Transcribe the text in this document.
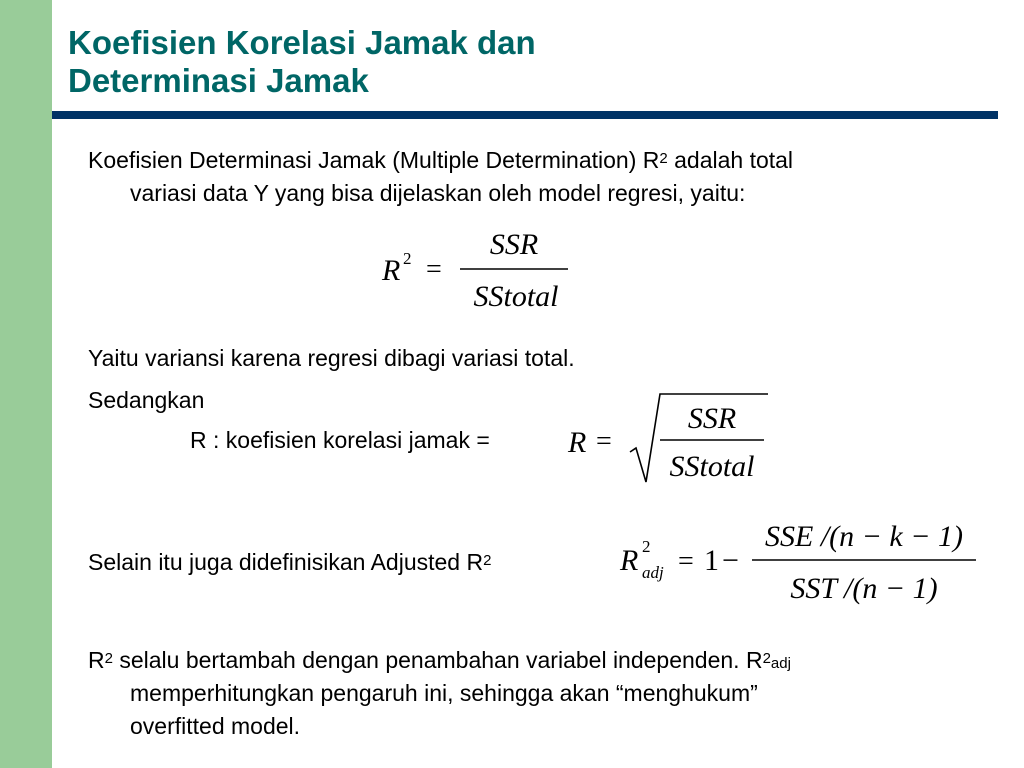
Koefisien Korelasi Jamak dan
Determinasi Jamak

Koefisien Determinasi Jamak (Multiple Determination) $R^2$ adalah total
variasi data Y yang bisa dijelaskan oleh model regresi, yaitu:

R 2 =
SSR
SStotal

Yaitu variansi karena regresi dibagi variasi total.

Sedangkan

R : koefisien korelasi jamak =	R =
SSR
SStotal

Selain itu juga didefinisikan Adjusted $R^2$	R 2
adj = 1 −
SSE /(n − k − 1)
SST /(n − 1)

$R^2$ selalu bertambah dengan penambahan variabel independen. $R^2_{adj}$
memperhitungkan pengaruh ini, sehingga akan “menghukum”
overfitted model.
